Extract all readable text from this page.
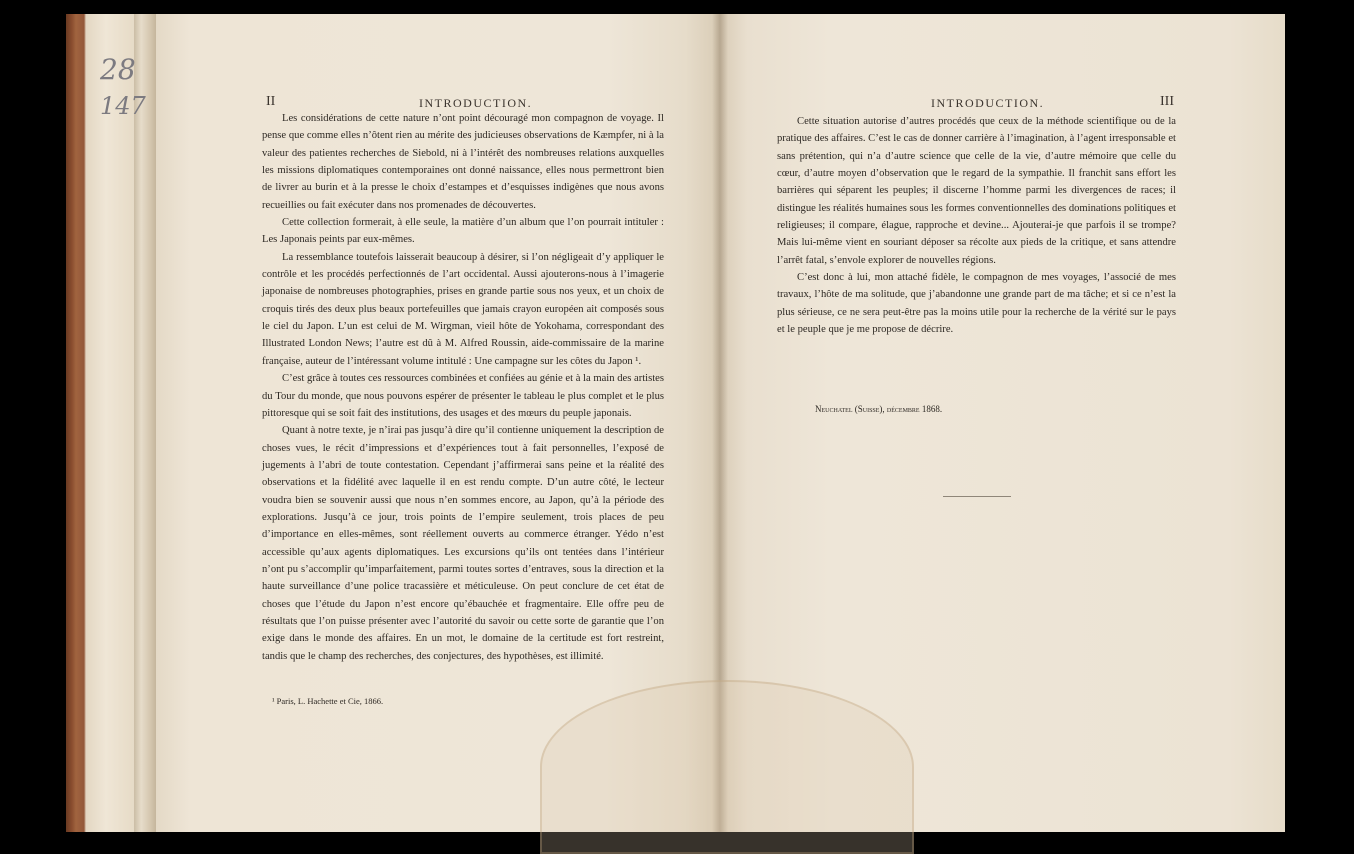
28
147	II	INTRODUCTION.

Les considérations de cette nature n’ont point découragé mon compagnon de voyage. Il pense que comme elles n’ôtent rien au mérite des judicieuses observations de Kæmpfer, ni à la valeur des patientes recherches de Siebold, ni à l’intérêt des nombreuses relations auxquelles les missions diplomatiques contemporaines ont donné naissance, elles nous permettront bien de livrer au burin et à la presse le choix d’estampes et d’esquisses indigènes que nous avons recueillies ou fait exécuter dans nos promenades de découvertes.

Cette collection formerait, à elle seule, la matière d’un album que l’on pourrait intituler : Les Japonais peints par eux-mêmes.

La ressemblance toutefois laisserait beaucoup à désirer, si l’on négligeait d’y appliquer le contrôle et les procédés perfectionnés de l’art occidental. Aussi ajouterons-nous à l’imagerie japonaise de nombreuses photographies, prises en grande partie sous nos yeux, et un choix de croquis tirés des deux plus beaux portefeuilles que jamais crayon européen ait composés sous le ciel du Japon. L’un est celui de M. Wirgman, vieil hôte de Yokohama, correspondant des Illustrated London News; l’autre est dû à M. Alfred Roussin, aide-commissaire de la marine française, auteur de l’intéressant volume intitulé : Une campagne sur les côtes du Japon ¹.

C’est grâce à toutes ces ressources combinées et confiées au génie et à la main des artistes du Tour du monde, que nous pouvons espérer de présenter le tableau le plus complet et le plus pittoresque qui se soit fait des institutions, des usages et des mœurs du peuple japonais.

Quant à notre texte, je n’irai pas jusqu’à dire qu’il contienne uniquement la description de choses vues, le récit d’impressions et d’expériences tout à fait personnelles, l’exposé de jugements à l’abri de toute contestation. Cependant j’affirmerai sans peine et la réalité des observations et la fidélité avec laquelle il en est rendu compte. D’un autre côté, le lecteur voudra bien se souvenir aussi que nous n’en sommes encore, au Japon, qu’à la période des explorations. Jusqu’à ce jour, trois points de l’empire seulement, trois places de peu d’importance en elles-mêmes, sont réellement ouverts au commerce étranger. Yédo n’est accessible qu’aux agents diplomatiques. Les excursions qu’ils ont tentées dans l’intérieur n’ont pu s’accomplir qu’imparfaitement, parmi toutes sortes d’entraves, sous la direction et la haute surveillance d’une police tracassière et méticuleuse. On peut conclure de cet état de choses que l’étude du Japon n’est encore qu’ébauchée et fragmentaire. Elle offre peu de résultats que l’on puisse présenter avec l’autorité du savoir ou cette sorte de garantie que l’on exige dans le monde des affaires. En un mot, le domaine de la certitude est fort restreint, tandis que le champ des recherches, des conjectures, des hypothèses, est illimité.

¹ Paris, L. Hachette et Cie, 1866.
INTRODUCTION.	III

Cette situation autorise d’autres procédés que ceux de la méthode scientifique ou de la pratique des affaires. C’est le cas de donner carrière à l’imagination, à l’agent irresponsable et sans prétention, qui n’a d’autre science que celle de la vie, d’autre mémoire que celle du cœur, d’autre moyen d’observation que le regard de la sympathie. Il franchit sans effort les barrières qui séparent les peuples; il discerne l’homme parmi les divergences de races; il distingue les réalités humaines sous les formes conventionnelles des dominations politiques et religieuses; il compare, élague, rapproche et devine... Ajouterai-je que parfois il se trompe? Mais lui-même vient en souriant déposer sa récolte aux pieds de la critique, et sans attendre l’arrêt fatal, s’envole explorer de nouvelles régions.

C’est donc à lui, mon attaché fidèle, le compagnon de mes voyages, l’associé de mes travaux, l’hôte de ma solitude, que j’abandonne une grande part de ma tâche; et si ce n’est la plus sérieuse, ce ne sera peut-être pas la moins utile pour la recherche de la vérité sur le pays et le peuple que je me propose de décrire.

Neuchatel (Suisse), décembre 1868.
